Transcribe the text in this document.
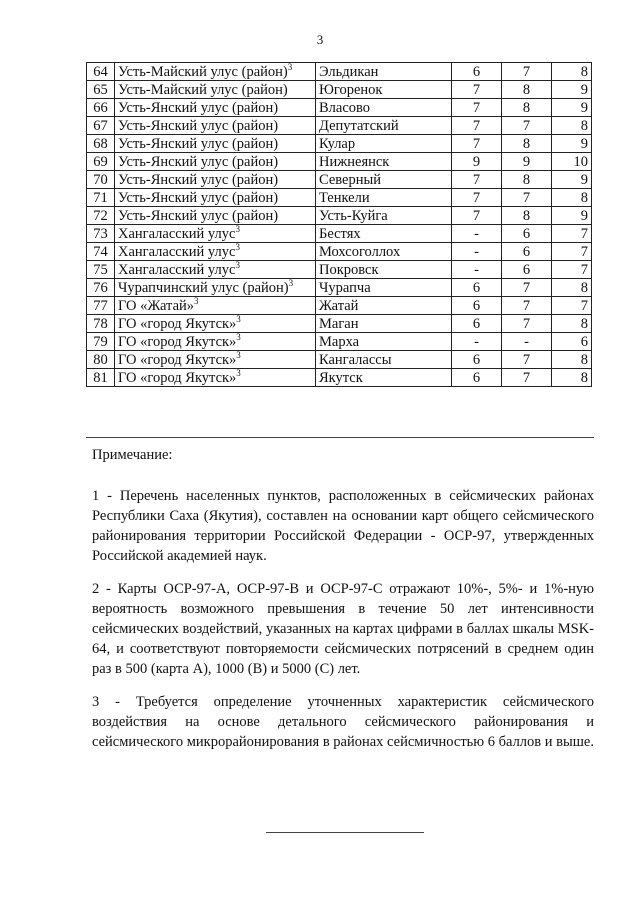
3
64	Усть-Майский улус (район)$^3$	Эльдикан	6	7	8
65	Усть-Майский улус (район)	Югоренок	7	8	9
66	Усть-Янский улус (район)	Власово	7	8	9
67	Усть-Янский улус (район)	Депутатский	7	7	8
68	Усть-Янский улус (район)	Кулар	7	8	9
69	Усть-Янский улус (район)	Нижнеянск	9	9	10
70	Усть-Янский улус (район)	Северный	7	8	9
71	Усть-Янский улус (район)	Тенкели	7	7	8
72	Усть-Янский улус (район)	Усть-Куйга	7	8	9
73	Хангаласский улус$^3$	Бестях	-	6	7
74	Хангаласский улус$^3$	Мохсоголлох	-	6	7
75	Хангаласский улус$^3$	Покровск	-	6	7
76	Чурапчинский улус (район)$^3$	Чурапча	6	7	8
77	ГО «Жатай»$^3$	Жатай	6	7	7
78	ГО «город Якутск»$^3$	Маган	6	7	8
79	ГО «город Якутск»$^3$	Марха	-	-	6
80	ГО «город Якутск»$^3$	Кангалассы	6	7	8
81	ГО «город Якутск»$^3$	Якутск	6	7	8
Примечание:
1 - Перечень населенных пунктов, расположенных в сейсмических районах Республики Саха (Якутия), составлен на основании карт общего сейсмического районирования территории Российской Федерации - ОСР-97, утвержденных Российской академией наук.
2 - Карты ОСР-97-А, ОСР-97-В и ОСР-97-С отражают 10%-, 5%- и 1%-ную вероятность возможного превышения в течение 50 лет интенсивности сейсмических воздействий, указанных на картах цифрами в баллах шкалы MSK-64, и соответствуют повторяемости сейсмических потрясений в среднем один раз в 500 (карта А), 1000 (В) и 5000 (С) лет.
3 - Требуется определение уточненных характеристик сейсмического воздействия на основе детального сейсмического районирования и сейсмического микрорайонирования в районах сейсмичностью 6 баллов и выше.
